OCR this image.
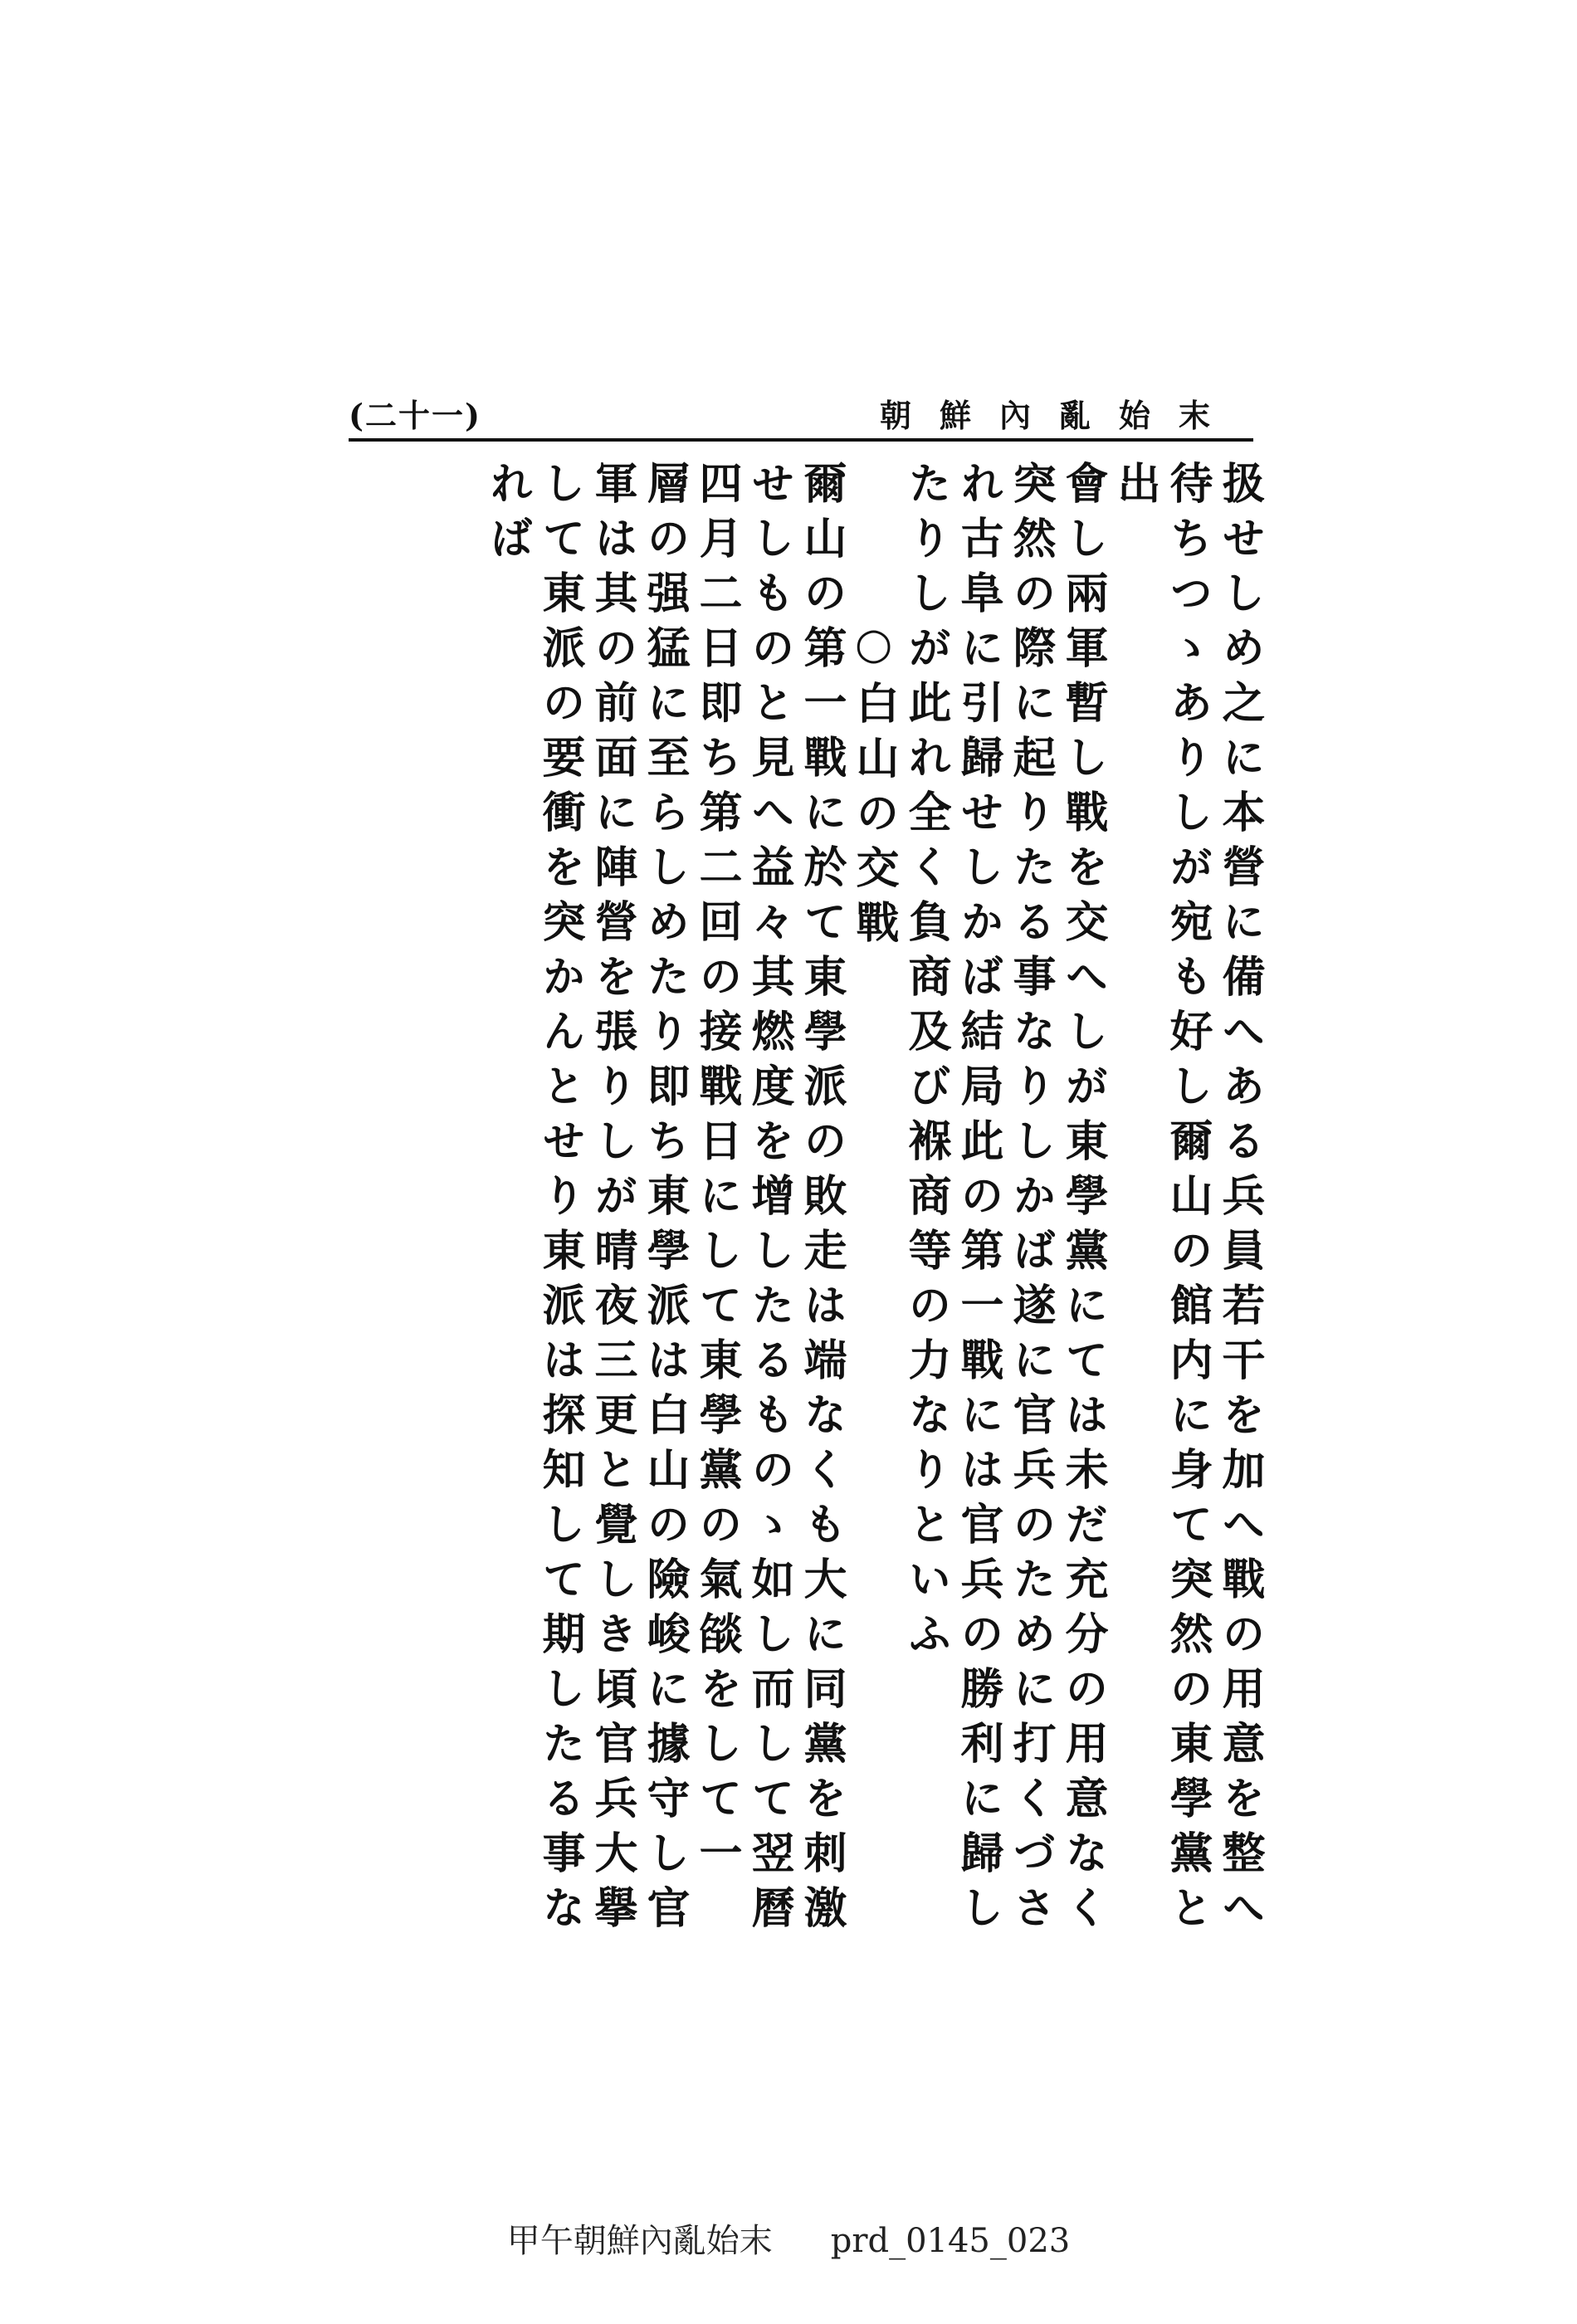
(二十一)	朝鮮內亂始末

扱せしめ之に本營に備へある兵員若干を加へ戰の用意を整へ

待ちつゝありしが宛も好し爾山の館内に身て突然の東學黨と出

會し兩軍暫し戰を交へしが東學黨にては未だ充分の用意なく

突然の際に起りたる事なりしかば遂に官兵のために打くづさ

れ古阜に引歸せしかば結局此の第一戰には官兵の勝利に歸し

たりしが此れ全く負商及び褓商等の力なりといふ

○白山の交戰

爾山の第一戰に於て東學派の敗走は端なくも大に同黨を刺激

せしものと見へ益々其燃度を增したるものゝ如し而して翌曆

四月二日即ち第二回の接戰日にして東學黨の氣燄をして一

層の强猛に至らしめたり即ち東學派は白山の險峻に據守し官

軍は其の前面に陣營を張りしが晴夜三更と覺しき頃官兵大擧

して東派の要衝を突かんとせり東派は探知して期したる事なれば

甲午朝鮮內亂始末 prd_0145_023
